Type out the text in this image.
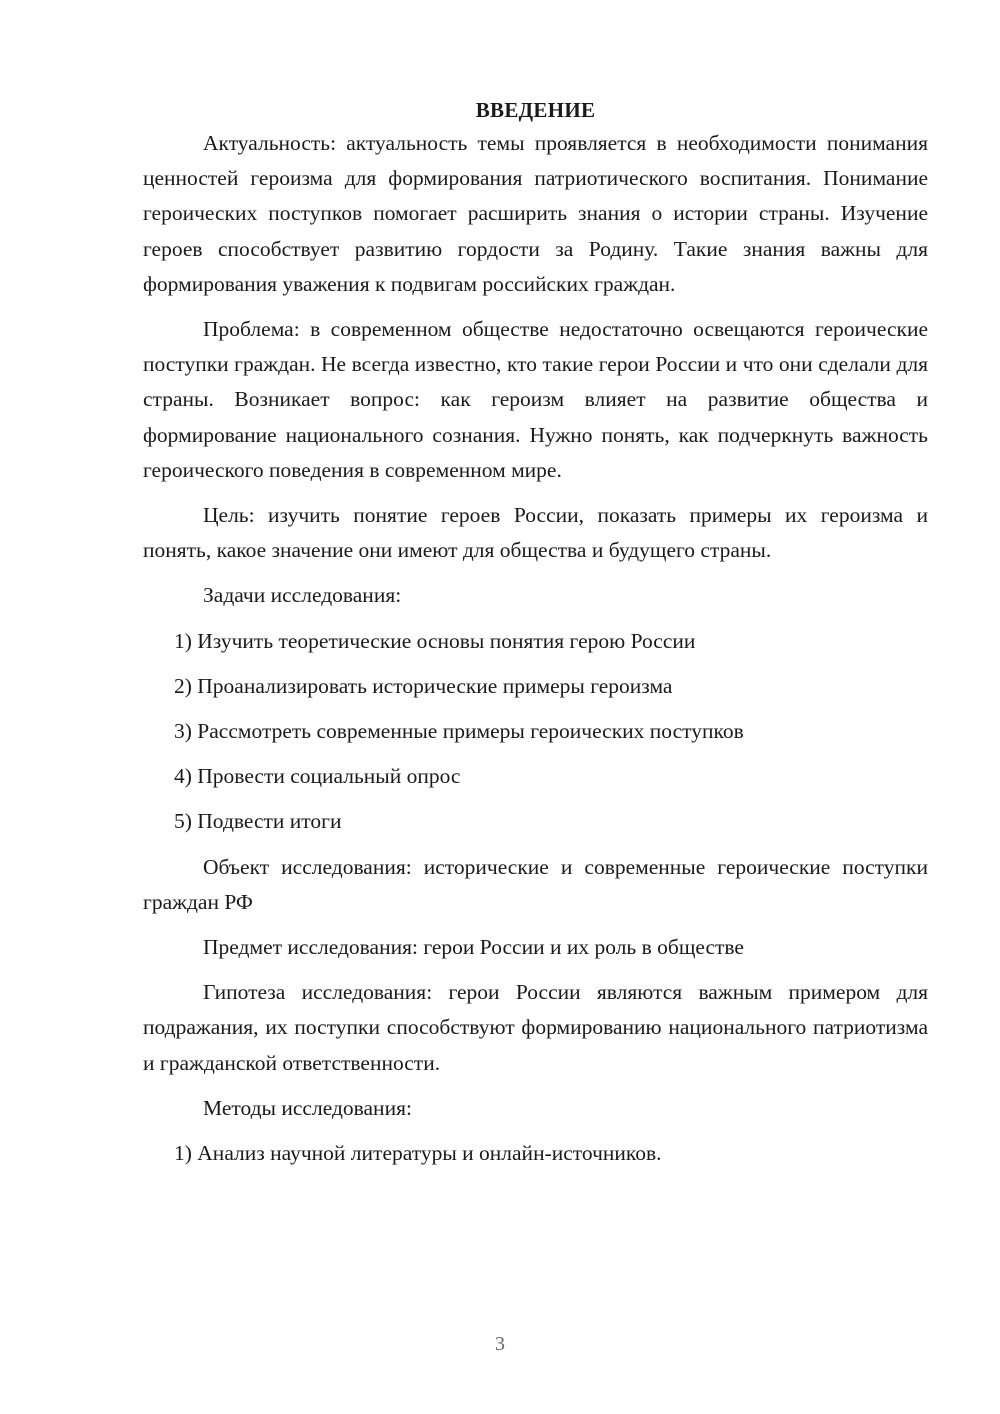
ВВЕДЕНИЕ

Актуальность: актуальность темы проявляется в необходимости понимания ценностей героизма для формирования патриотического воспитания. Понимание героических поступков помогает расширить знания о истории страны. Изучение героев способствует развитию гордости за Родину. Такие знания важны для формирования уважения к подвигам российских граждан.

Проблема: в современном обществе недостаточно освещаются героические поступки граждан. Не всегда известно, кто такие герои России и что они сделали для страны. Возникает вопрос: как героизм влияет на развитие общества и формирование национального сознания. Нужно понять, как подчеркнуть важность героического поведения в современном мире.

Цель: изучить понятие героев России, показать примеры их героизма и понять, какое значение они имеют для общества и будущего страны.

Задачи исследования:
1) Изучить теоретические основы понятия герою России
2) Проанализировать исторические примеры героизма
3) Рассмотреть современные примеры героических поступков
4) Провести социальный опрос
5) Подвести итоги

Объект исследования: исторические и современные героические поступки граждан РФ

Предмет исследования: герои России и их роль в обществе

Гипотеза исследования: герои России являются важным примером для подражания, их поступки способствуют формированию национального патриотизма и гражданской ответственности.

Методы исследования:
1) Анализ научной литературы и онлайн-источников.
3
